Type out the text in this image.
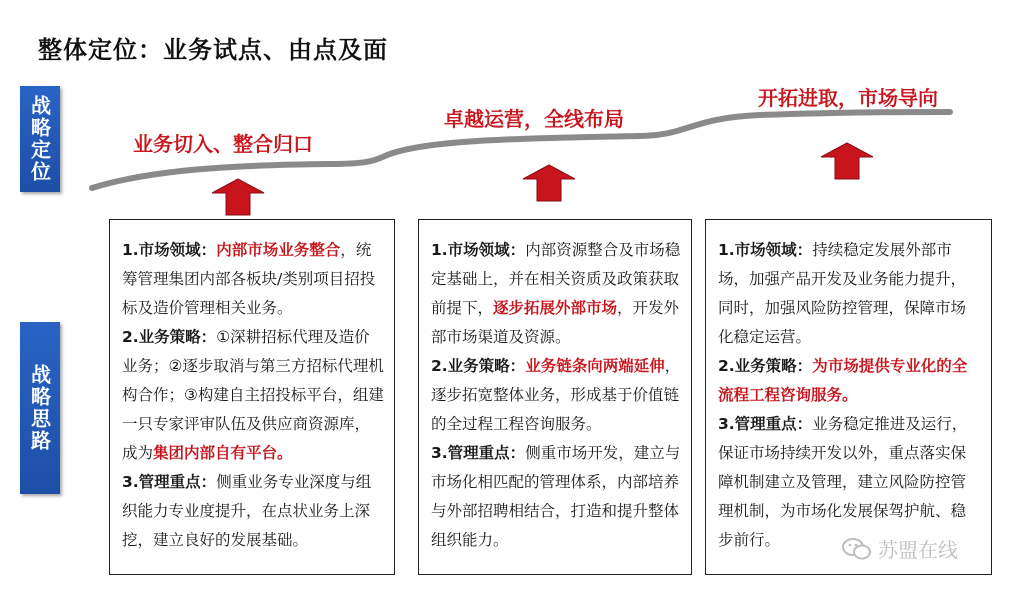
整体定位：业务试点、由点及面
战略定位
战略思路
业务切入、整合归口
卓越运营，全线布局
开拓进取，市场导向
1.市场领域：内部市场业务整合，统筹管理集团内部各板块/类别项目招投标及造价管理相关业务。
2.业务策略：①深耕招标代理及造价业务；②逐步取消与第三方招标代理机构合作；③构建自主招投标平台，组建一只专家评审队伍及供应商资源库，成为集团内部自有平台。
3.管理重点：侧重业务专业深度与组织能力专业度提升，在点状业务上深挖，建立良好的发展基础。
1.市场领域：内部资源整合及市场稳定基础上，并在相关资质及政策获取前提下，逐步拓展外部市场，开发外部市场渠道及资源。
2.业务策略：业务链条向两端延伸，逐步拓宽整体业务，形成基于价值链的全过程工程咨询服务。
3.管理重点：侧重市场开发，建立与市场化相匹配的管理体系，内部培养与外部招聘相结合，打造和提升整体组织能力。
1.市场领域：持续稳定发展外部市场，加强产品开发及业务能力提升，同时，加强风险防控管理，保障市场化稳定运营。
2.业务策略：为市场提供专业化的全流程工程咨询服务。
3.管理重点：业务稳定推进及运行，保证市场持续开发以外，重点落实保障机制建立及管理，建立风险防控管理机制，为市场化发展保驾护航、稳步前行。	苏盟在线
